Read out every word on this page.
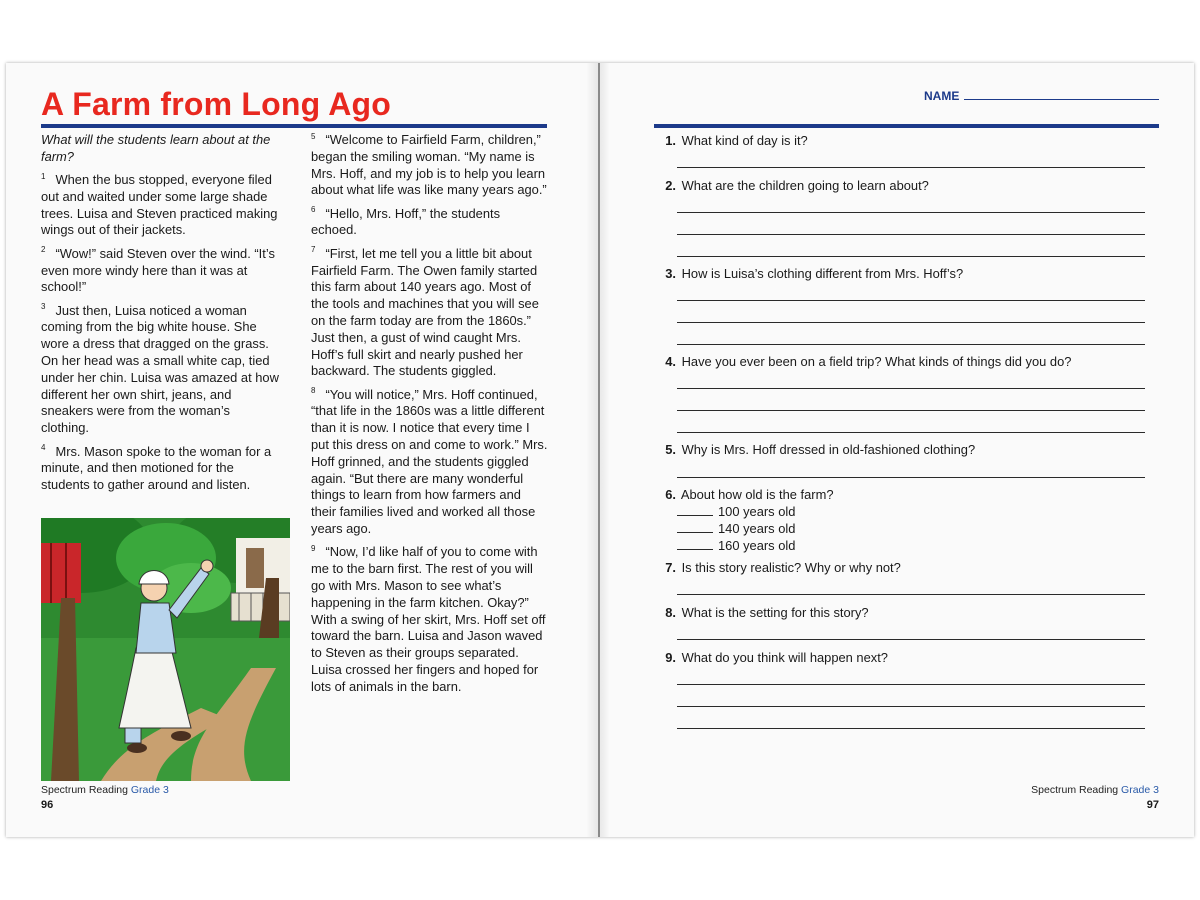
A Farm from Long Ago

What will the students learn about at the farm?

$^1$ When the bus stopped, everyone filed out and waited under some large shade trees. Luisa and Steven practiced making wings out of their jackets.

$^2$ “Wow!” said Steven over the wind. “It’s even more windy here than it was at school!”

$^3$ Just then, Luisa noticed a woman coming from the big white house. She wore a dress that dragged on the grass. On her head was a small white cap, tied under her chin. Luisa was amazed at how different her own shirt, jeans, and sneakers were from the woman’s clothing.

$^4$ Mrs. Mason spoke to the woman for a minute, and then motioned for the students to gather around and listen.

$^5$ “Welcome to Fairfield Farm, children,” began the smiling woman. “My name is Mrs. Hoff, and my job is to help you learn about what life was like many years ago.”

$^6$ “Hello, Mrs. Hoff,” the students echoed.

$^7$ “First, let me tell you a little bit about Fairfield Farm. The Owen family started this farm about 140 years ago. Most of the tools and machines that you will see on the farm today are from the 1860s.” Just then, a gust of wind caught Mrs. Hoff’s full skirt and nearly pushed her backward. The students giggled.

$^8$ “You will notice,” Mrs. Hoff continued, “that life in the 1860s was a little different than it is now. I notice that every time I put this dress on and come to work.” Mrs. Hoff grinned, and the students giggled again. “But there are many wonderful things to learn from how farmers and their families lived and worked all those years ago.

$^9$ “Now, I’d like half of you to come with me to the barn first. The rest of you will go with Mrs. Mason to see what’s happening in the farm kitchen. Okay?” With a swing of her skirt, Mrs. Hoff set off toward the barn. Luisa and Jason waved to Steven as their groups separated. Luisa crossed her fingers and hoped for lots of animals in the barn.

Spectrum Reading Grade 3
96
NAME
1. What kind of day is it?
2. What are the children going to learn about?
3. How is Luisa’s clothing different from Mrs. Hoff’s?
4. Have you ever been on a field trip? What kinds of things did you do?
5. Why is Mrs. Hoff dressed in old-fashioned clothing?
6. About how old is the farm?
100 years old
140 years old
160 years old
7. Is this story realistic? Why or why not?
8. What is the setting for this story?
9. What do you think will happen next?
Spectrum Reading Grade 3
97
